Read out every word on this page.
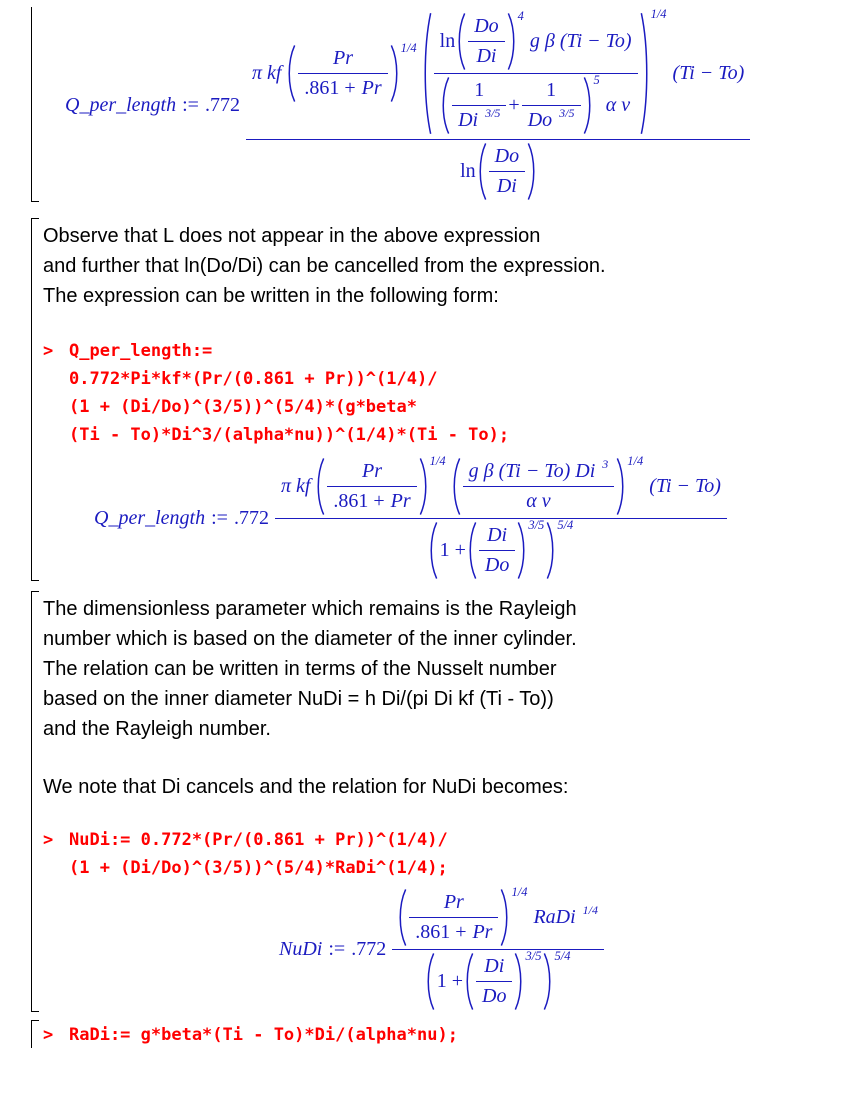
Q_per_length := .772
π kf $\frac{Pr}{.861 + Pr} 1/4$ $\ln \frac{Do}{Di} 4$
g β (Ti − To)
$\frac{1}{Di 3/5} + \frac{1}{Do 3/5} 5$
α ν
1/4
(Ti − To)
$\ln \frac{Do}{Di}$
Observe that L does not appear in the above expression
and further that ln(Do/Di) can be cancelled from the expression.
The expression can be written in the following form:
> Q_per_length:=
0.772*Pi*kf*(Pr/(0.861 + Pr))^(1/4)/
(1 + (Di/Do)^(3/5))^(5/4)*(g*beta*
(Ti - To)*Di^3/(alpha*nu))^(1/4)*(Ti - To);
Q_per_length := .772
π kf $\frac{Pr}{.861 + Pr} 1/4 \frac{\text{g β (Ti − To) Di 3}}{\text{α ν}} 1/4$
(Ti − To)
$1 + \frac{Di}{Do} 3/5$ 5/4
The dimensionless parameter which remains is the Rayleigh
number which is based on the diameter of the inner cylinder.
The relation can be written in terms of the Nusselt number
based on the inner diameter NuDi = h Di/(pi Di kf (Ti - To))
and the Rayleigh number.
We note that Di cancels and the relation for NuDi becomes:
> NuDi:= 0.772*(Pr/(0.861 + Pr))^(1/4)/
(1 + (Di/Do)^(3/5))^(5/4)*RaDi^(1/4);
NuDi := .772
$\frac{Pr}{.861 + Pr} 1/4$
RaDi 1/4
$1 + \frac{Di}{Do} 3/5$ 5/4
> RaDi:= g*beta*(Ti - To)*Di/(alpha*nu);
